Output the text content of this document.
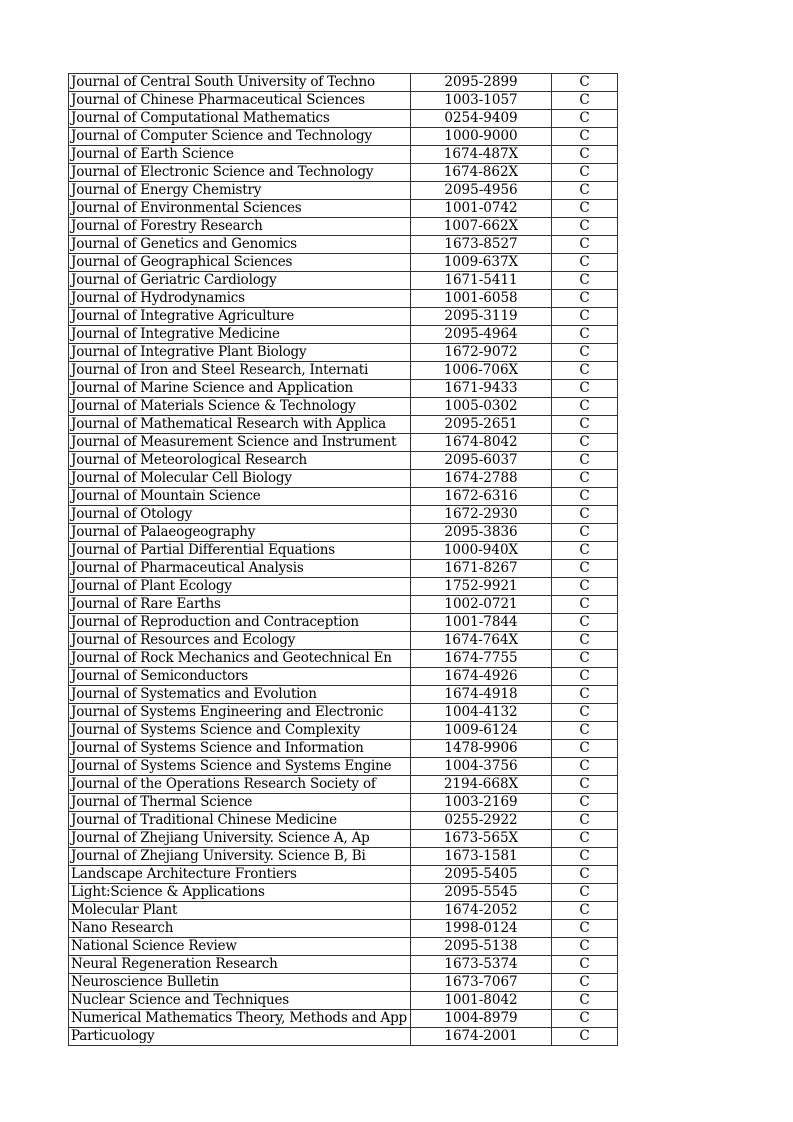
Journal of Central South University of Techno	2095-2899	C
Journal of Chinese Pharmaceutical Sciences	1003-1057	C
Journal of Computational Mathematics	0254-9409	C
Journal of Computer Science and Technology	1000-9000	C
Journal of Earth Science	1674-487X	C
Journal of Electronic Science and Technology	1674-862X	C
Journal of Energy Chemistry	2095-4956	C
Journal of Environmental Sciences	1001-0742	C
Journal of Forestry Research	1007-662X	C
Journal of Genetics and Genomics	1673-8527	C
Journal of Geographical Sciences	1009-637X	C
Journal of Geriatric Cardiology	1671-5411	C
Journal of Hydrodynamics	1001-6058	C
Journal of Integrative Agriculture	2095-3119	C
Journal of Integrative Medicine	2095-4964	C
Journal of Integrative Plant Biology	1672-9072	C
Journal of Iron and Steel Research, Internati	1006-706X	C
Journal of Marine Science and Application	1671-9433	C
Journal of Materials Science & Technology	1005-0302	C
Journal of Mathematical Research with Applica	2095-2651	C
Journal of Measurement Science and Instrument	1674-8042	C
Journal of Meteorological Research	2095-6037	C
Journal of Molecular Cell Biology	1674-2788	C
Journal of Mountain Science	1672-6316	C
Journal of Otology	1672-2930	C
Journal of Palaeogeography	2095-3836	C
Journal of Partial Differential Equations	1000-940X	C
Journal of Pharmaceutical Analysis	1671-8267	C
Journal of Plant Ecology	1752-9921	C
Journal of Rare Earths	1002-0721	C
Journal of Reproduction and Contraception	1001-7844	C
Journal of Resources and Ecology	1674-764X	C
Journal of Rock Mechanics and Geotechnical En	1674-7755	C
Journal of Semiconductors	1674-4926	C
Journal of Systematics and Evolution	1674-4918	C
Journal of Systems Engineering and Electronic	1004-4132	C
Journal of Systems Science and Complexity	1009-6124	C
Journal of Systems Science and Information	1478-9906	C
Journal of Systems Science and Systems Engine	1004-3756	C
Journal of the Operations Research Society of	2194-668X	C
Journal of Thermal Science	1003-2169	C
Journal of Traditional Chinese Medicine	0255-2922	C
Journal of Zhejiang University. Science A, Ap	1673-565X	C
Journal of Zhejiang University. Science B, Bi	1673-1581	C
Landscape Architecture Frontiers	2095-5405	C
Light:Science & Applications	2095-5545	C
Molecular Plant	1674-2052	C
Nano Research	1998-0124	C
National Science Review	2095-5138	C
Neural Regeneration Research	1673-5374	C
Neuroscience Bulletin	1673-7067	C
Nuclear Science and Techniques	1001-8042	C
Numerical Mathematics Theory, Methods and App	1004-8979	C
Particuology	1674-2001	C
